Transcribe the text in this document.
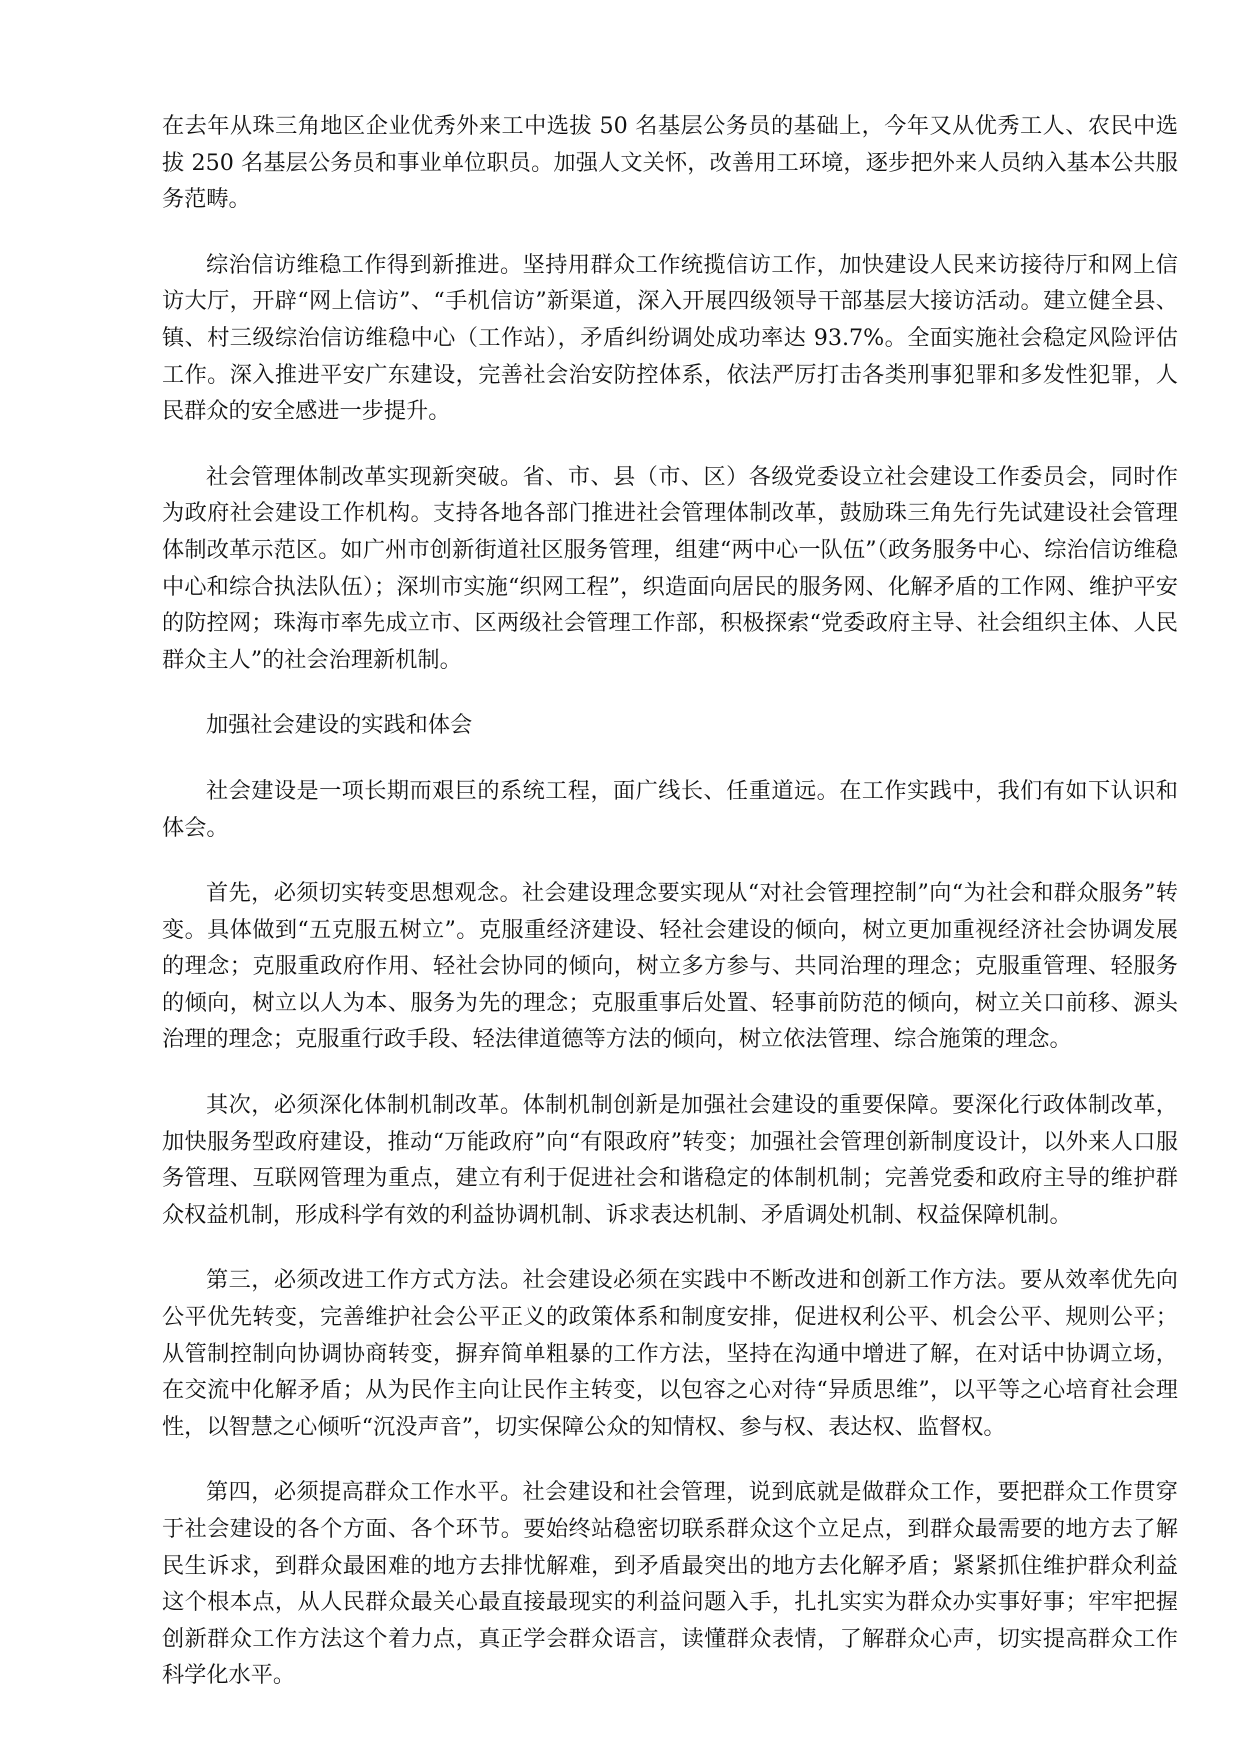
在去年从珠三角地区企业优秀外来工中选拔 50 名基层公务员的基础上，今年又从优秀工人、农民中选拔 250 名基层公务员和事业单位职员。加强人文关怀，改善用工环境，逐步把外来人员纳入基本公共服务范畴。

综治信访维稳工作得到新推进。坚持用群众工作统揽信访工作，加快建设人民来访接待厅和网上信访大厅，开辟“网上信访”、“手机信访”新渠道，深入开展四级领导干部基层大接访活动。建立健全县、镇、村三级综治信访维稳中心（工作站），矛盾纠纷调处成功率达 93.7%。全面实施社会稳定风险评估工作。深入推进平安广东建设，完善社会治安防控体系，依法严厉打击各类刑事犯罪和多发性犯罪，人民群众的安全感进一步提升。

社会管理体制改革实现新突破。省、市、县（市、区）各级党委设立社会建设工作委员会，同时作为政府社会建设工作机构。支持各地各部门推进社会管理体制改革，鼓励珠三角先行先试建设社会管理体制改革示范区。如广州市创新街道社区服务管理，组建“两中心一队伍”（政务服务中心、综治信访维稳中心和综合执法队伍）；深圳市实施“织网工程”，织造面向居民的服务网、化解矛盾的工作网、维护平安的防控网；珠海市率先成立市、区两级社会管理工作部，积极探索“党委政府主导、社会组织主体、人民群众主人”的社会治理新机制。

加强社会建设的实践和体会

社会建设是一项长期而艰巨的系统工程，面广线长、任重道远。在工作实践中，我们有如下认识和体会。

首先，必须切实转变思想观念。社会建设理念要实现从“对社会管理控制”向“为社会和群众服务”转变。具体做到“五克服五树立”。克服重经济建设、轻社会建设的倾向，树立更加重视经济社会协调发展的理念；克服重政府作用、轻社会协同的倾向，树立多方参与、共同治理的理念；克服重管理、轻服务的倾向，树立以人为本、服务为先的理念；克服重事后处置、轻事前防范的倾向，树立关口前移、源头治理的理念；克服重行政手段、轻法律道德等方法的倾向，树立依法管理、综合施策的理念。

其次，必须深化体制机制改革。体制机制创新是加强社会建设的重要保障。要深化行政体制改革，加快服务型政府建设，推动“万能政府”向“有限政府”转变；加强社会管理创新制度设计，以外来人口服务管理、互联网管理为重点，建立有利于促进社会和谐稳定的体制机制；完善党委和政府主导的维护群众权益机制，形成科学有效的利益协调机制、诉求表达机制、矛盾调处机制、权益保障机制。

第三，必须改进工作方式方法。社会建设必须在实践中不断改进和创新工作方法。要从效率优先向公平优先转变，完善维护社会公平正义的政策体系和制度安排，促进权利公平、机会公平、规则公平；从管制控制向协调协商转变，摒弃简单粗暴的工作方法，坚持在沟通中增进了解，在对话中协调立场，在交流中化解矛盾；从为民作主向让民作主转变，以包容之心对待“异质思维”，以平等之心培育社会理性，以智慧之心倾听“沉没声音”，切实保障公众的知情权、参与权、表达权、监督权。

第四，必须提高群众工作水平。社会建设和社会管理，说到底就是做群众工作，要把群众工作贯穿于社会建设的各个方面、各个环节。要始终站稳密切联系群众这个立足点，到群众最需要的地方去了解民生诉求，到群众最困难的地方去排忧解难，到矛盾最突出的地方去化解矛盾；紧紧抓住维护群众利益这个根本点，从人民群众最关心最直接最现实的利益问题入手，扎扎实实为群众办实事好事；牢牢把握创新群众工作方法这个着力点，真正学会群众语言，读懂群众表情，了解群众心声，切实提高群众工作科学化水平。
